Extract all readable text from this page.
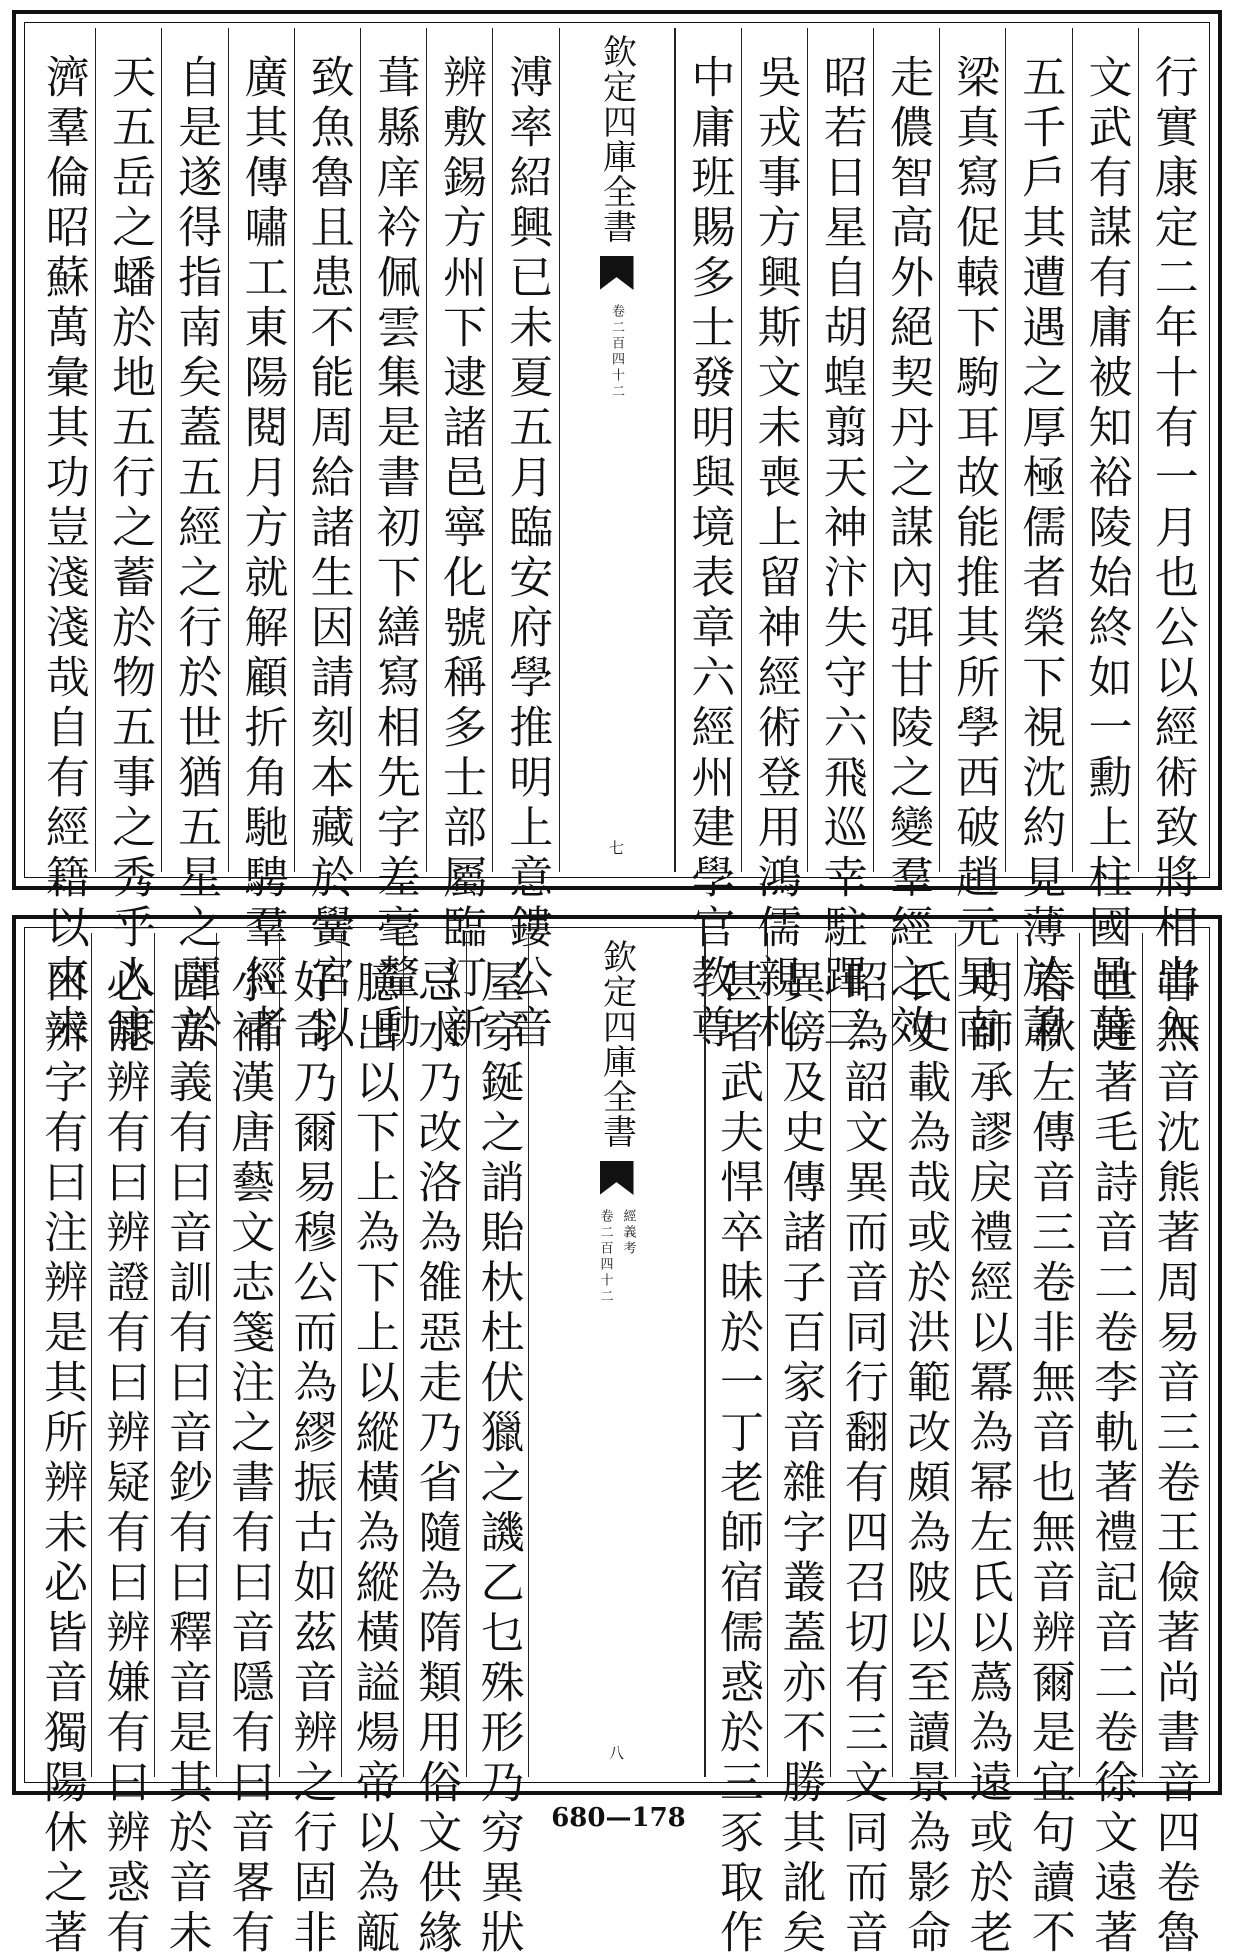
行實康定二年十有一月也公以經術致將相出入
文武有謀有庸被知裕陵始終如一勳上柱國邑萬
五千戶其遭遇之厚極儒者榮下視沈約見薄於蕭
梁真寫促轅下駒耳故能推其所學西破趙元昊南
走儂智高外絕契丹之謀內弭甘陵之變羣經之效
昭若日星自胡蝗翦天神汴失守六飛巡幸駐蹕三
吳戎事方興斯文未喪上留神經術登用鴻儒親札
中庸班賜多士發明與境表章六經州建學官教尊
欽定四庫全書
卷二百四十二
七
溥率紹興已未夏五月臨安府學推明上意鏤公音
辨敷錫方州下逮諸邑寧化號稱多士部屬臨汀新
葺縣庠衿佩雲集是書初下繕寫相先字差毫釐動
致魚魯且患不能周給諸生因請刻本藏於黌宮以
廣其傳嘯工東陽閱月方就解顧折角馳騁羣經者
自是遂得指南矣蓋五經之行於世猶五星之麗於
天五岳之蟠於地五行之蓄於物五事之秀乎人康
濟羣倫昭蘇萬彙其功豈淺淺哉自有經籍以來未
甞無音沈熊著周易音三卷王儉著尚書音四卷魯
世達著毛詩音二卷李軌著禮記音二卷徐文遠著
春秋左傳音三卷非無音也無音辨爾是宜句讀不
明師承謬戾禮經以冪為幂左氏以蔿為遠或於老
氏史載為哉或於洪範改頗為陂以至讀景為影命
昭為韶文異而音同行翻有四召切有三文同而音
異傍及史傳諸子百家音雜字叢蓋亦不勝其訛矣
甚者武夫悍卒昧於一丁老師宿儒惑於三豕取作
欽定四庫全書
經義考
卷二百四十二
八
屋穿鋋之誚貽杕杜伏獵之譏乙乜殊形乃穷異狀
忌水乃改洛為雒惡走乃省隨為隋類用俗文供緣
臆出以下上為下上以縱橫為縱橫謚煬帝以為甋
好奇乃爾易穆公而為繆振古如茲音辨之行固非
小補漢唐藝文志箋注之書有曰音隱有曰音畧有
曰音義有曰音訓有曰音鈔有曰釋音是其於音未
必能辨有曰辨證有曰辨疑有曰辨嫌有曰辨惑有
曰辨字有曰注辨是其所辨未必皆音獨陽休之著	680—178
